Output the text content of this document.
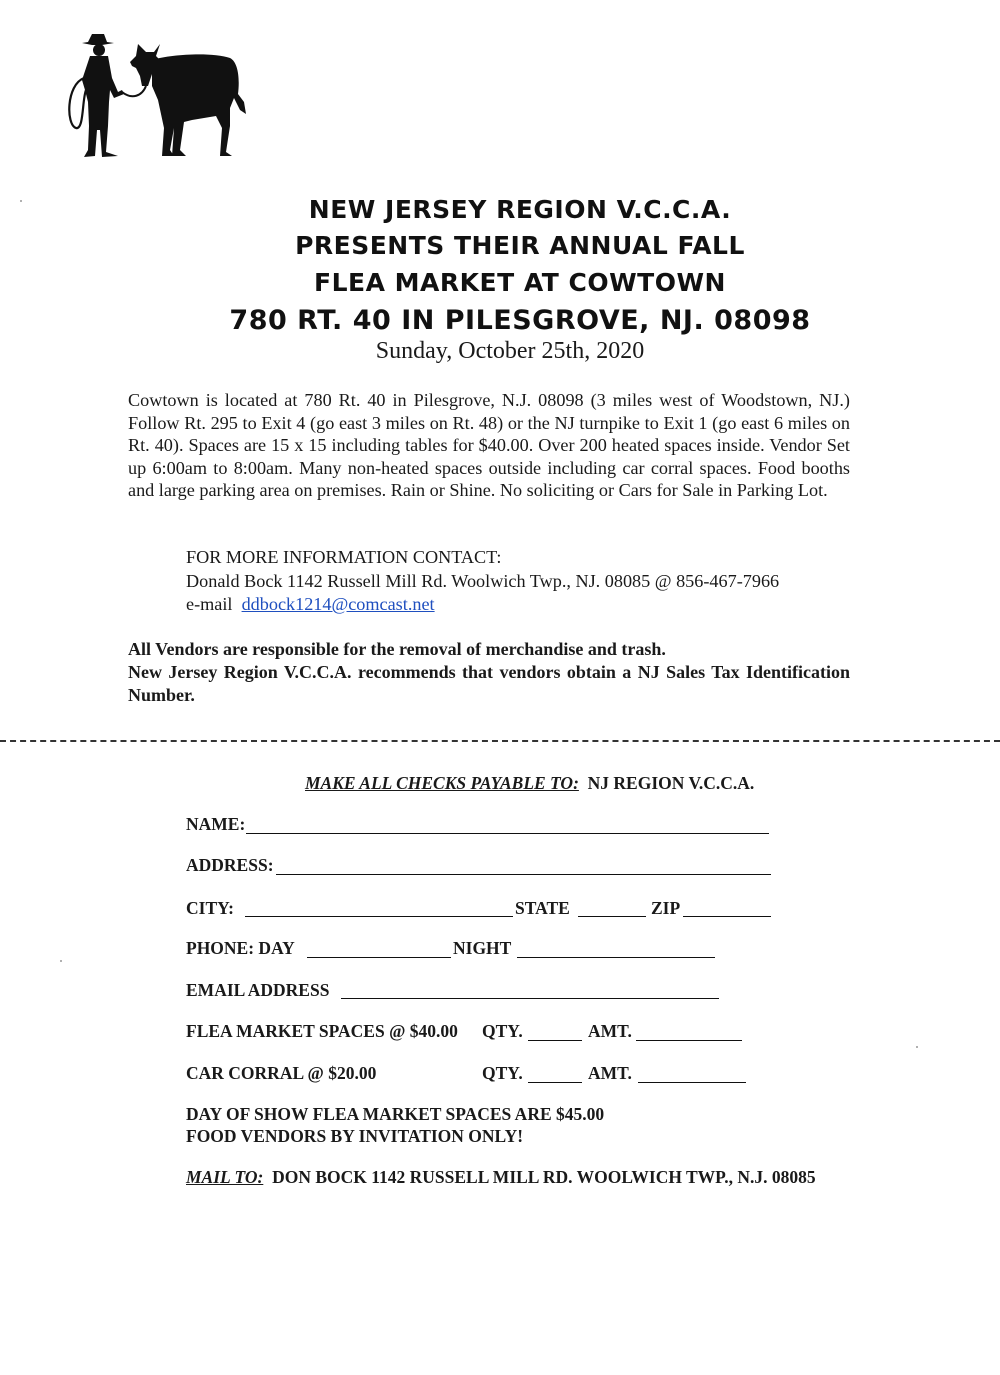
NEW JERSEY REGION V.C.C.A.
PRESENTS THEIR ANNUAL FALL
FLEA MARKET AT COWTOWN
780 RT. 40 IN PILESGROVE, NJ. 08098
Sunday, October 25th, 2020
Cowtown is located at 780 Rt. 40 in Pilesgrove, N.J. 08098 (3 miles west of Woodstown, NJ.) Follow Rt. 295 to Exit 4 (go east 3 miles on Rt. 48) or the NJ turnpike to Exit 1 (go east 6 miles on Rt. 40). Spaces are 15 x 15 including tables for $40.00. Over 200 heated spaces inside. Vendor Set up 6:00am to 8:00am. Many non-heated spaces outside including car corral spaces. Food booths and large parking area on premises. Rain or Shine. No soliciting or Cars for Sale in Parking Lot.
FOR MORE INFORMATION CONTACT:
Donald Bock 1142 Russell Mill Rd. Woolwich Twp., NJ. 08085 @ 856-467-7966
e-mail ddbock1214@comcast.net
All Vendors are responsible for the removal of merchandise and trash.
New Jersey Region V.C.C.A. recommends that vendors obtain a NJ Sales Tax Identification Number.
MAKE ALL CHECKS PAYABLE TO: NJ REGION V.C.C.A.
NAME:
ADDRESS:
CITY:	STATE	ZIP
PHONE: DAY	NIGHT
EMAIL ADDRESS
FLEA MARKET SPACES @ $40.00 QTY.	AMT.
CAR CORRAL @ $20.00	QTY.	AMT.
DAY OF SHOW FLEA MARKET SPACES ARE $45.00
FOOD VENDORS BY INVITATION ONLY!
MAIL TO: DON BOCK 1142 RUSSELL MILL RD. WOOLWICH TWP., N.J. 08085
